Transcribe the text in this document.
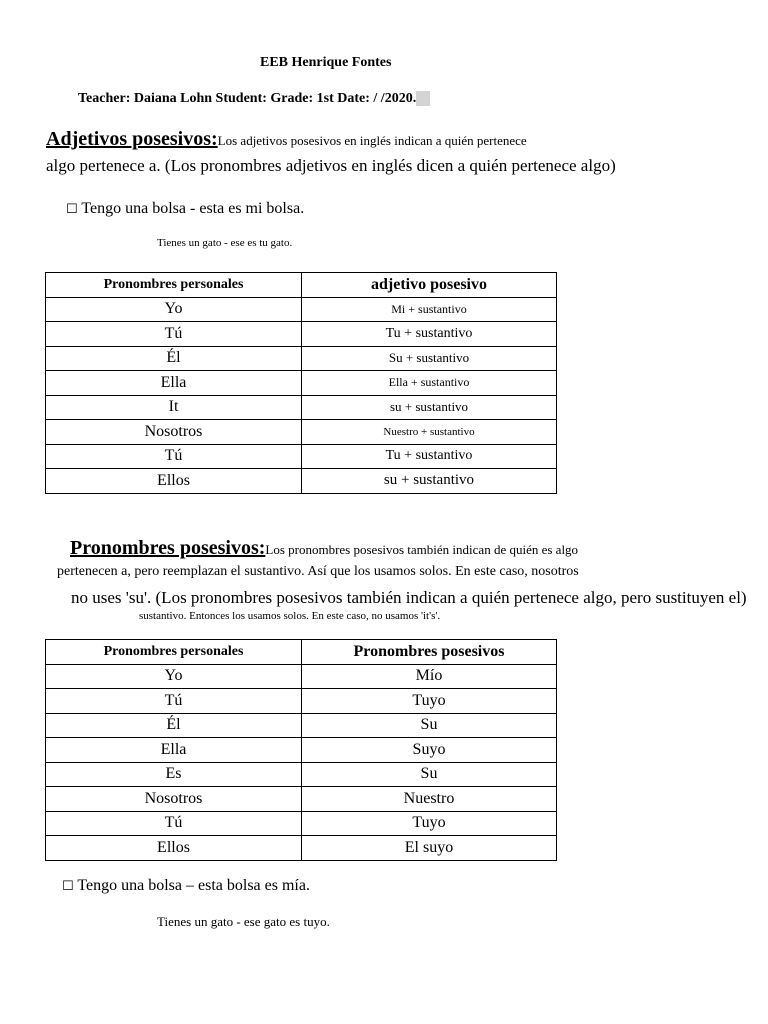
EEB Henrique Fontes
Teacher: Daiana Lohn Student: Grade: 1st Date: / /2020.
Adjetivos posesivos:Los adjetivos posesivos en inglés indican a quién pertenece
algo pertenece a. (Los pronombres adjetivos en inglés dicen a quién pertenece algo)
☐ Tengo una bolsa - esta es mi bolsa.
Tienes un gato - ese es tu gato.
Pronombres personales	adjetivo posesivo
Yo	Mi + sustantivo
Tú	Tu + sustantivo
Él	Su + sustantivo
Ella	Ella + sustantivo
It	su + sustantivo
Nosotros	Nuestro + sustantivo
Tú	Tu + sustantivo
Ellos	su + sustantivo
Pronombres posesivos:Los pronombres posesivos también indican de quién es algo
pertenecen a, pero reemplazan el sustantivo. Así que los usamos solos. En este caso, nosotros
no uses 'su'. (Los pronombres posesivos también indican a quién pertenece algo, pero sustituyen el)
sustantivo. Entonces los usamos solos. En este caso, no usamos 'it's'.
Pronombres personales	Pronombres posesivos
Yo	Mío
Tú	Tuyo
Él	Su
Ella	Suyo
Es	Su
Nosotros	Nuestro
Tú	Tuyo
Ellos	El suyo
☐ Tengo una bolsa – esta bolsa es mía.
Tienes un gato - ese gato es tuyo.
